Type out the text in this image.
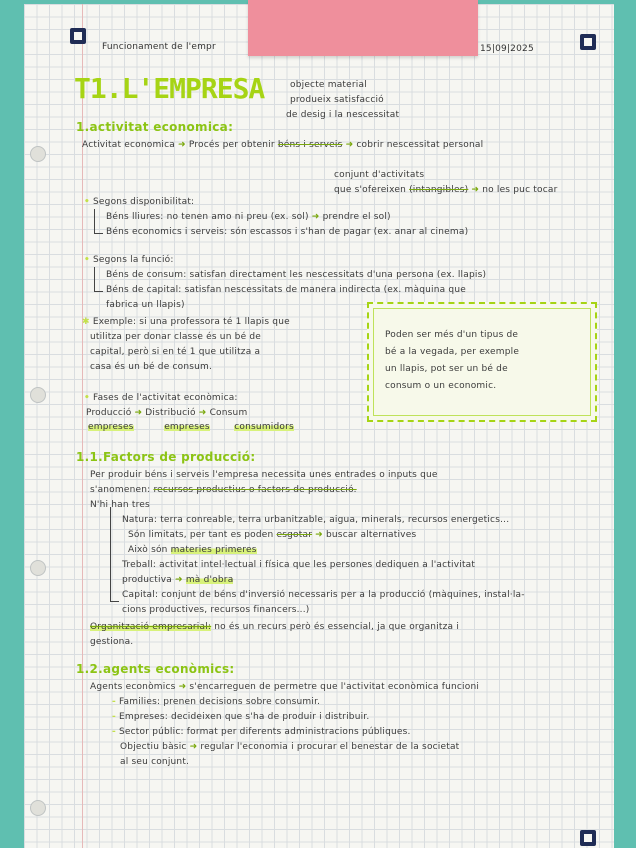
Funcionament de l'empr	15|09|2025
T1.L'EMPRESA	objecte material
produeix satisfacció
de desig i la nescessitat
1.activitat economica:
Activitat economica ➜ Procés per obtenir béns i serveis ➜ cobrir nescessitat personal
conjunt d'activitats
que s'ofereixen (intangibles) ➜ no les puc tocar
• Segons disponibilitat:
Béns lliures: no tenen amo ni preu (ex. sol) ➜ prendre el sol)
Béns economics i serveis: són escassos i s'han de pagar (ex. anar al cinema)
• Segons la funció:
Béns de consum: satisfan directament les nescessitats d'una persona (ex. llapis)
Béns de capital: satisfan nescessitats de manera indirecta (ex. màquina que
fabrica un llapis)
✱ Exemple: si una professora té 1 llapis que
utilitza per donar classe és un bé de
capital, però si en té 1 que utilitza a
casa és un bé de consum.
• Fases de l'activitat econòmica:
Producció ➜ Distribució ➜ Consum
empreses	empreses	consumidors
1.1.Factors de producció:
Per produir béns i serveis l'empresa necessita unes entrades o inputs que
s'anomenen: recursos productius o factors de producció.
N'hi han tres
Natura: terra conreable, terra urbanitzable, aigua, minerals, recursos energetics...
Són limitats, per tant es poden esgotar ➜ buscar alternatives
Això són materies primeres
Treball: activitat intel·lectual i física que les persones dediquen a l'activitat
productiva ➜ mà d'obra
Capital: conjunt de béns d'inversió necessaris per a la producció (màquines, instal·la-
cions productives, recursos financers...)
Organització empresarial: no és un recurs però és essencial, ja que organitza i
gestiona.
1.2.agents econòmics:
Agents econòmics ➜ s'encarreguen de permetre que l'activitat econòmica funcioni
- Families: prenen decisions sobre consumir.
- Empreses: decideixen que s'ha de produir i distribuir.
- Sector públic: format per diferents administracions públiques.
Objectiu bàsic ➜ regular l'economia i procurar el benestar de la societat
al seu conjunt.
Poden ser més d'un tipus de
bé a la vegada, per exemple
un llapis, pot ser un bé de
consum o un economic.
